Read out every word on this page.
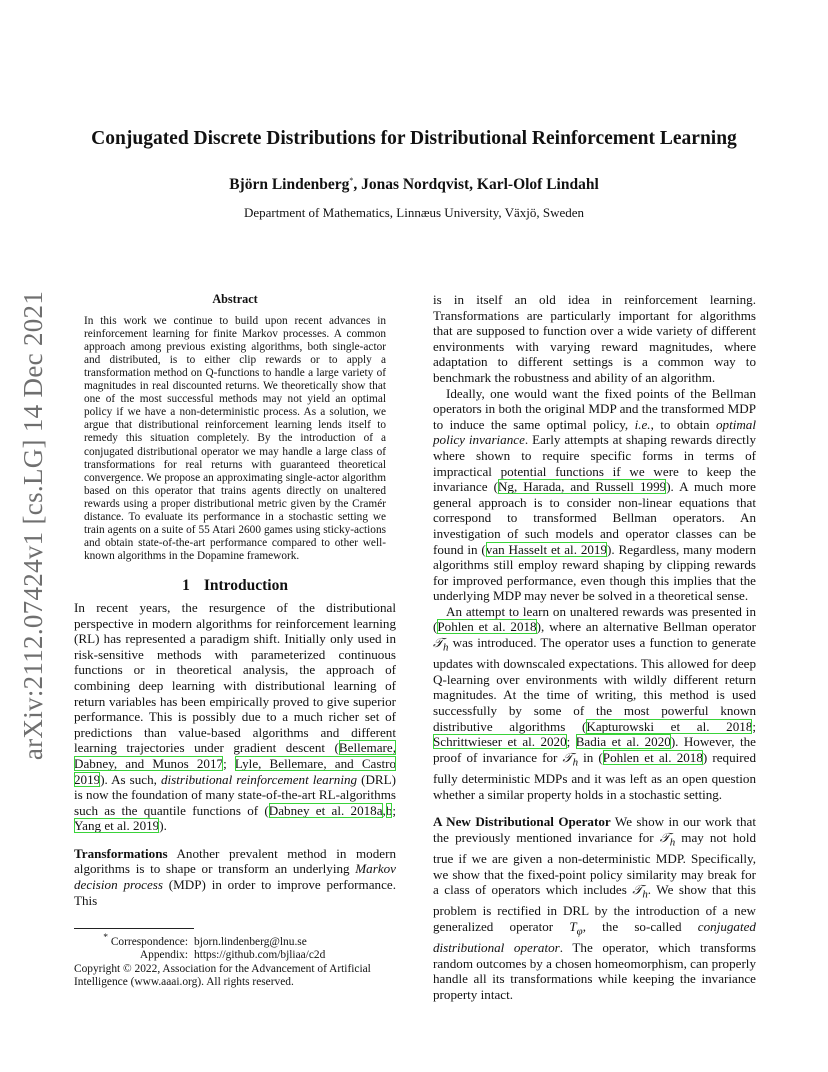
arXiv:2112.07424v1 [cs.LG] 14 Dec 2021
Conjugated Discrete Distributions for Distributional Reinforcement Learning
Björn Lindenberg*, Jonas Nordqvist, Karl-Olof Lindahl
Department of Mathematics, Linnæus University, Växjö, Sweden
Abstract

In this work we continue to build upon recent advances in reinforcement learning for finite Markov processes. A common approach among previous existing algorithms, both single-actor and distributed, is to either clip rewards or to apply a transformation method on Q-functions to handle a large variety of magnitudes in real discounted returns. We theoretically show that one of the most successful methods may not yield an optimal policy if we have a non-deterministic process. As a solution, we argue that distributional reinforcement learning lends itself to remedy this situation completely. By the introduction of a conjugated distributional operator we may handle a large class of transformations for real returns with guaranteed theoretical convergence. We propose an approximating single-actor algorithm based on this operator that trains agents directly on unaltered rewards using a proper distributional metric given by the Cramér distance. To evaluate its performance in a stochastic setting we train agents on a suite of 55 Atari 2600 games using sticky-actions and obtain state-of-the-art performance compared to other well-known algorithms in the Dopamine framework.

1 Introduction

In recent years, the resurgence of the distributional perspective in modern algorithms for reinforcement learning (RL) has represented a paradigm shift. Initially only used in risk-sensitive methods with parameterized continuous functions or in theoretical analysis, the approach of combining deep learning with distributional learning of return variables has been empirically proved to give superior performance. This is possibly due to a much richer set of predictions than value-based algorithms and different learning trajectories under gradient descent (Bellemare, Dabney, and Munos 2017; Lyle, Bellemare, and Castro 2019). As such, distributional reinforcement learning (DRL) is now the foundation of many state-of-the-art RL-algorithms such as the quantile functions of (Dabney et al. 2018a,b; Yang et al. 2019).

Transformations Another prevalent method in modern algorithms is to shape or transform an underlying Markov decision process (MDP) in order to improve performance. This

* Correspondence: bjorn.lindenberg@lnu.se
Appendix: https://github.com/bjliaa/c2d
Copyright © 2022, Association for the Advancement of Artificial Intelligence (www.aaai.org). All rights reserved.

is in itself an old idea in reinforcement learning. Transformations are particularly important for algorithms that are supposed to function over a wide variety of different environments with varying reward magnitudes, where adaptation to different settings is a common way to benchmark the robustness and ability of an algorithm.

Ideally, one would want the fixed points of the Bellman operators in both the original MDP and the transformed MDP to induce the same optimal policy, i.e., to obtain optimal policy invariance. Early attempts at shaping rewards directly where shown to require specific forms in terms of impractical potential functions if we were to keep the invariance (Ng, Harada, and Russell 1999). A much more general approach is to consider non-linear equations that correspond to transformed Bellman operators. An investigation of such models and operator classes can be found in (van Hasselt et al. 2019). Regardless, many modern algorithms still employ reward shaping by clipping rewards for improved performance, even though this implies that the underlying MDP may never be solved in a theoretical sense.

An attempt to learn on unaltered rewards was presented in (Pohlen et al. 2018), where an alternative Bellman operator 𝒯$_h$ was introduced. The operator uses a function to generate updates with downscaled expectations. This allowed for deep Q-learning over environments with wildly different return magnitudes. At the time of writing, this method is used successfully by some of the most powerful known distributive algorithms (Kapturowski et al. 2018; Schrittwieser et al. 2020; Badia et al. 2020). However, the proof of invariance for 𝒯$_h$ in (Pohlen et al. 2018) required fully deterministic MDPs and it was left as an open question whether a similar property holds in a stochastic setting.

A New Distributional Operator We show in our work that the previously mentioned invariance for 𝒯$_h$ may not hold true if we are given a non-deterministic MDP. Specifically, we show that the fixed-point policy similarity may break for a class of operators which includes 𝒯$_h$. We show that this problem is rectified in DRL by the introduction of a new generalized operator $T_\varphi$, the so-called conjugated distributional operator. The operator, which transforms random outcomes by a chosen homeomorphism, can properly handle all its transformations while keeping the invariance property intact.
